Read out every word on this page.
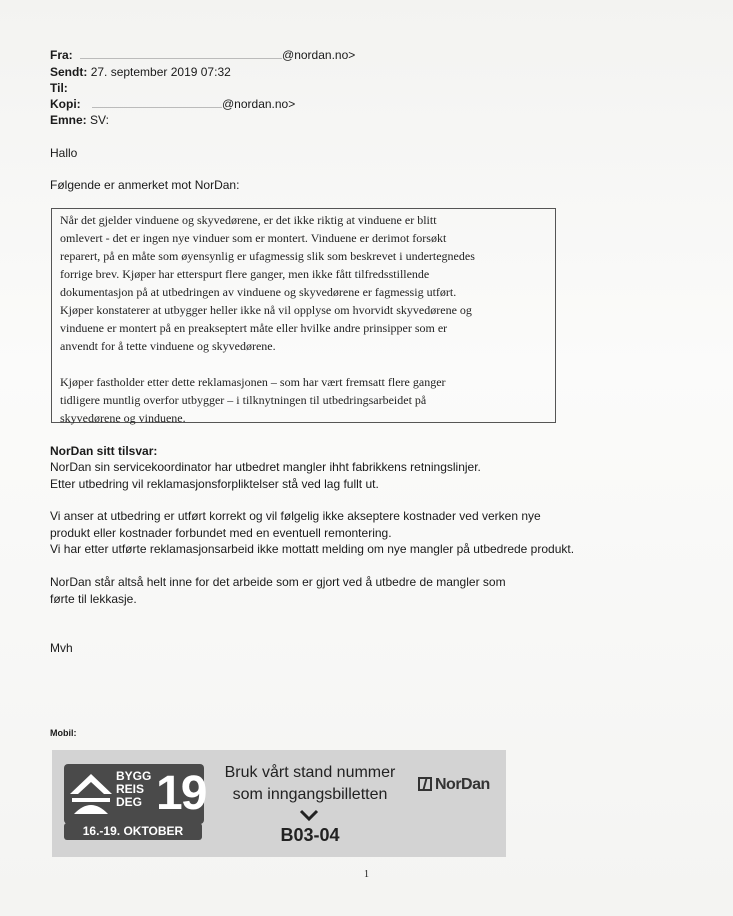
Fra:	@nordan.no>
Sendt: 27. september 2019 07:32
Til:
Kopi:	@nordan.no>
Emne: SV:
Hallo
Følgende er anmerket mot NorDan:

Når det gjelder vinduene og skyvedørene, er det ikke riktig at vinduene er blitt
omlevert - det er ingen nye vinduer som er montert. Vinduene er derimot forsøkt
reparert, på en måte som øyensynlig er ufagmessig slik som beskrevet i undertegnedes
forrige brev. Kjøper har etterspurt flere ganger, men ikke fått tilfredsstillende
dokumentasjon på at utbedringen av vinduene og skyvedørene er fagmessig utført.
Kjøper konstaterer at utbygger heller ikke nå vil opplyse om hvorvidt skyvedørene og
vinduene er montert på en preakseptert måte eller hvilke andre prinsipper som er
anvendt for å tette vinduene og skyvedørene.

Kjøper fastholder etter dette reklamasjonen – som har vært fremsatt flere ganger
tidligere muntlig overfor utbygger – i tilknytningen til utbedringsarbeidet på
skyvedørene og vinduene.

NorDan sitt tilsvar:
NorDan sin servicekoordinator har utbedret mangler ihht fabrikkens retningslinjer.
Etter utbedring vil reklamasjonsforpliktelser stå ved lag fullt ut.
Vi anser at utbedring er utført korrekt og vil følgelig ikke akseptere kostnader ved verken nye
produkt eller kostnader forbundet med en eventuell remontering.
Vi har etter utførte reklamasjonsarbeid ikke mottatt melding om nye mangler på utbedrede produkt.
NorDan står altså helt inne for det arbeide som er gjort ved å utbedre de mangler som
førte til lekkasje.
Mvh
Mobil:
BYGG
REIS
DEG 19
16.-19. OKTOBER
Bruk vårt stand nummer
som inngangsbilletten
B03-04
NorDan
1
